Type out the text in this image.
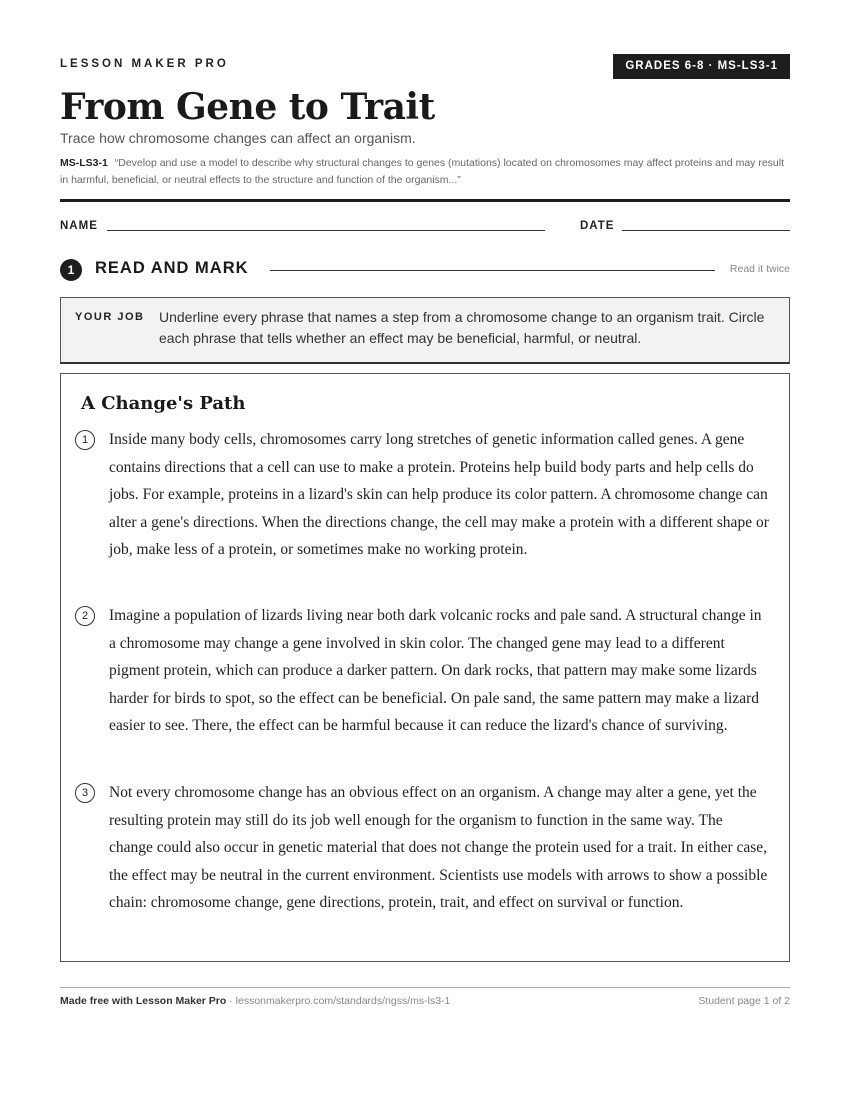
LESSON MAKER PRO	GRADES 6-8 · MS-LS3-1
From Gene to Trait
Trace how chromosome changes can affect an organism.
MS-LS3-1 “Develop and use a model to describe why structural changes to genes (mutations) located on chromosomes may affect proteins and may result in harmful, beneficial, or neutral effects to the structure and function of the organism...”
NAME	DATE
1	READ AND MARK	Read it twice
YOUR JOB Underline every phrase that names a step from a chromosome change to an organism trait. Circle each phrase that tells whether an effect may be beneficial, harmful, or neutral.
A Change's Path
1	Inside many body cells, chromosomes carry long stretches of genetic information called genes. A gene contains directions that a cell can use to make a protein. Proteins help build body parts and help cells do jobs. For example, proteins in a lizard's skin can help produce its color pattern. A chromosome change can alter a gene's directions. When the directions change, the cell may make a protein with a different shape or job, make less of a protein, or sometimes make no working protein.

2	Imagine a population of lizards living near both dark volcanic rocks and pale sand. A structural change in a chromosome may change a gene involved in skin color. The changed gene may lead to a different pigment protein, which can produce a darker pattern. On dark rocks, that pattern may make some lizards harder for birds to spot, so the effect can be beneficial. On pale sand, the same pattern may make a lizard easier to see. There, the effect can be harmful because it can reduce the lizard's chance of surviving.

3	Not every chromosome change has an obvious effect on an organism. A change may alter a gene, yet the resulting protein may still do its job well enough for the organism to function in the same way. The change could also occur in genetic material that does not change the protein used for a trait. In either case, the effect may be neutral in the current environment. Scientists use models with arrows to show a possible chain: chromosome change, gene directions, protein, trait, and effect on survival or function.

Made free with Lesson Maker Pro · lessonmakerpro.com/standards/ngss/ms-ls3-1	Student page 1 of 2
